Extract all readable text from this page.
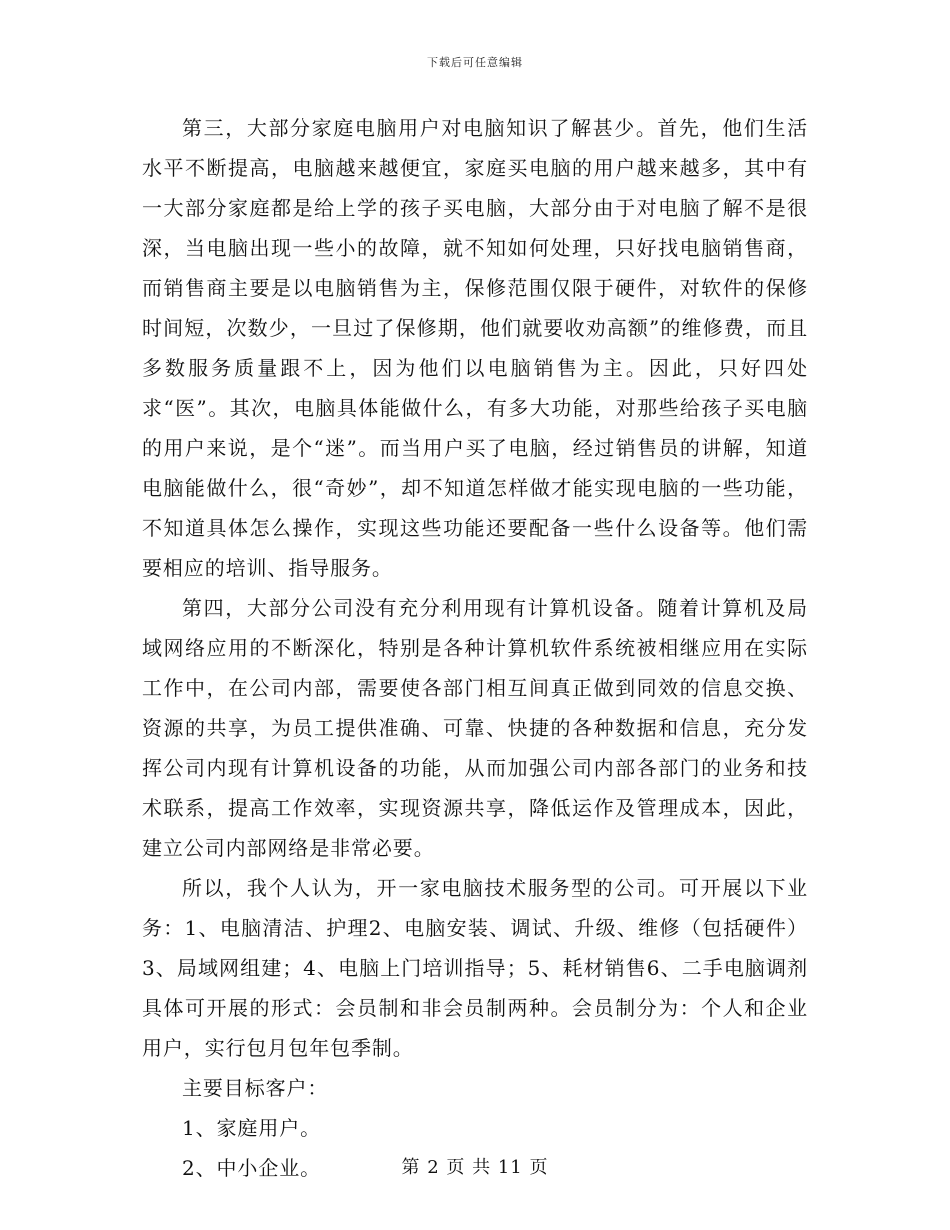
下载后可任意编辑

第三，大部分家庭电脑用户对电脑知识了解甚少。首先，他们生活水平不断提高，电脑越来越便宜，家庭买电脑的用户越来越多，其中有一大部分家庭都是给上学的孩子买电脑，大部分由于对电脑了解不是很深，当电脑出现一些小的故障，就不知如何处理，只好找电脑销售商，而销售商主要是以电脑销售为主，保修范围仅限于硬件，对软件的保修时间短，次数少，一旦过了保修期，他们就要收劝高额”的维修费，而且多数服务质量跟不上，因为他们以电脑销售为主。因此，只好四处求“医”。其次，电脑具体能做什么，有多大功能，对那些给孩子买电脑的用户来说，是个“迷”。而当用户买了电脑，经过销售员的讲解，知道电脑能做什么，很“奇妙”，却不知道怎样做才能实现电脑的一些功能，不知道具体怎么操作，实现这些功能还要配备一些什么设备等。他们需要相应的培训、指导服务。

第四，大部分公司没有充分利用现有计算机设备。随着计算机及局域网络应用的不断深化，特别是各种计算机软件系统被相继应用在实际工作中，在公司内部，需要使各部门相互间真正做到同效的信息交换、资源的共享，为员工提供准确、可靠、快捷的各种数据和信息，充分发挥公司内现有计算机设备的功能，从而加强公司内部各部门的业务和技术联系，提高工作效率，实现资源共享，降低运作及管理成本，因此，建立公司内部网络是非常必要。

所以，我个人认为，开一家电脑技术服务型的公司。可开展以下业务：1、电脑清洁、护理2、电脑安装、调试、升级、维修（包括硬件）3、局域网组建；4、电脑上门培训指导；5、耗材销售6、二手电脑调剂具体可开展的形式：会员制和非会员制两种。会员制分为：个人和企业用户，实行包月包年包季制。

主要目标客户：

1、家庭用户。

2、中小企业。	第 2 页 共 11 页
